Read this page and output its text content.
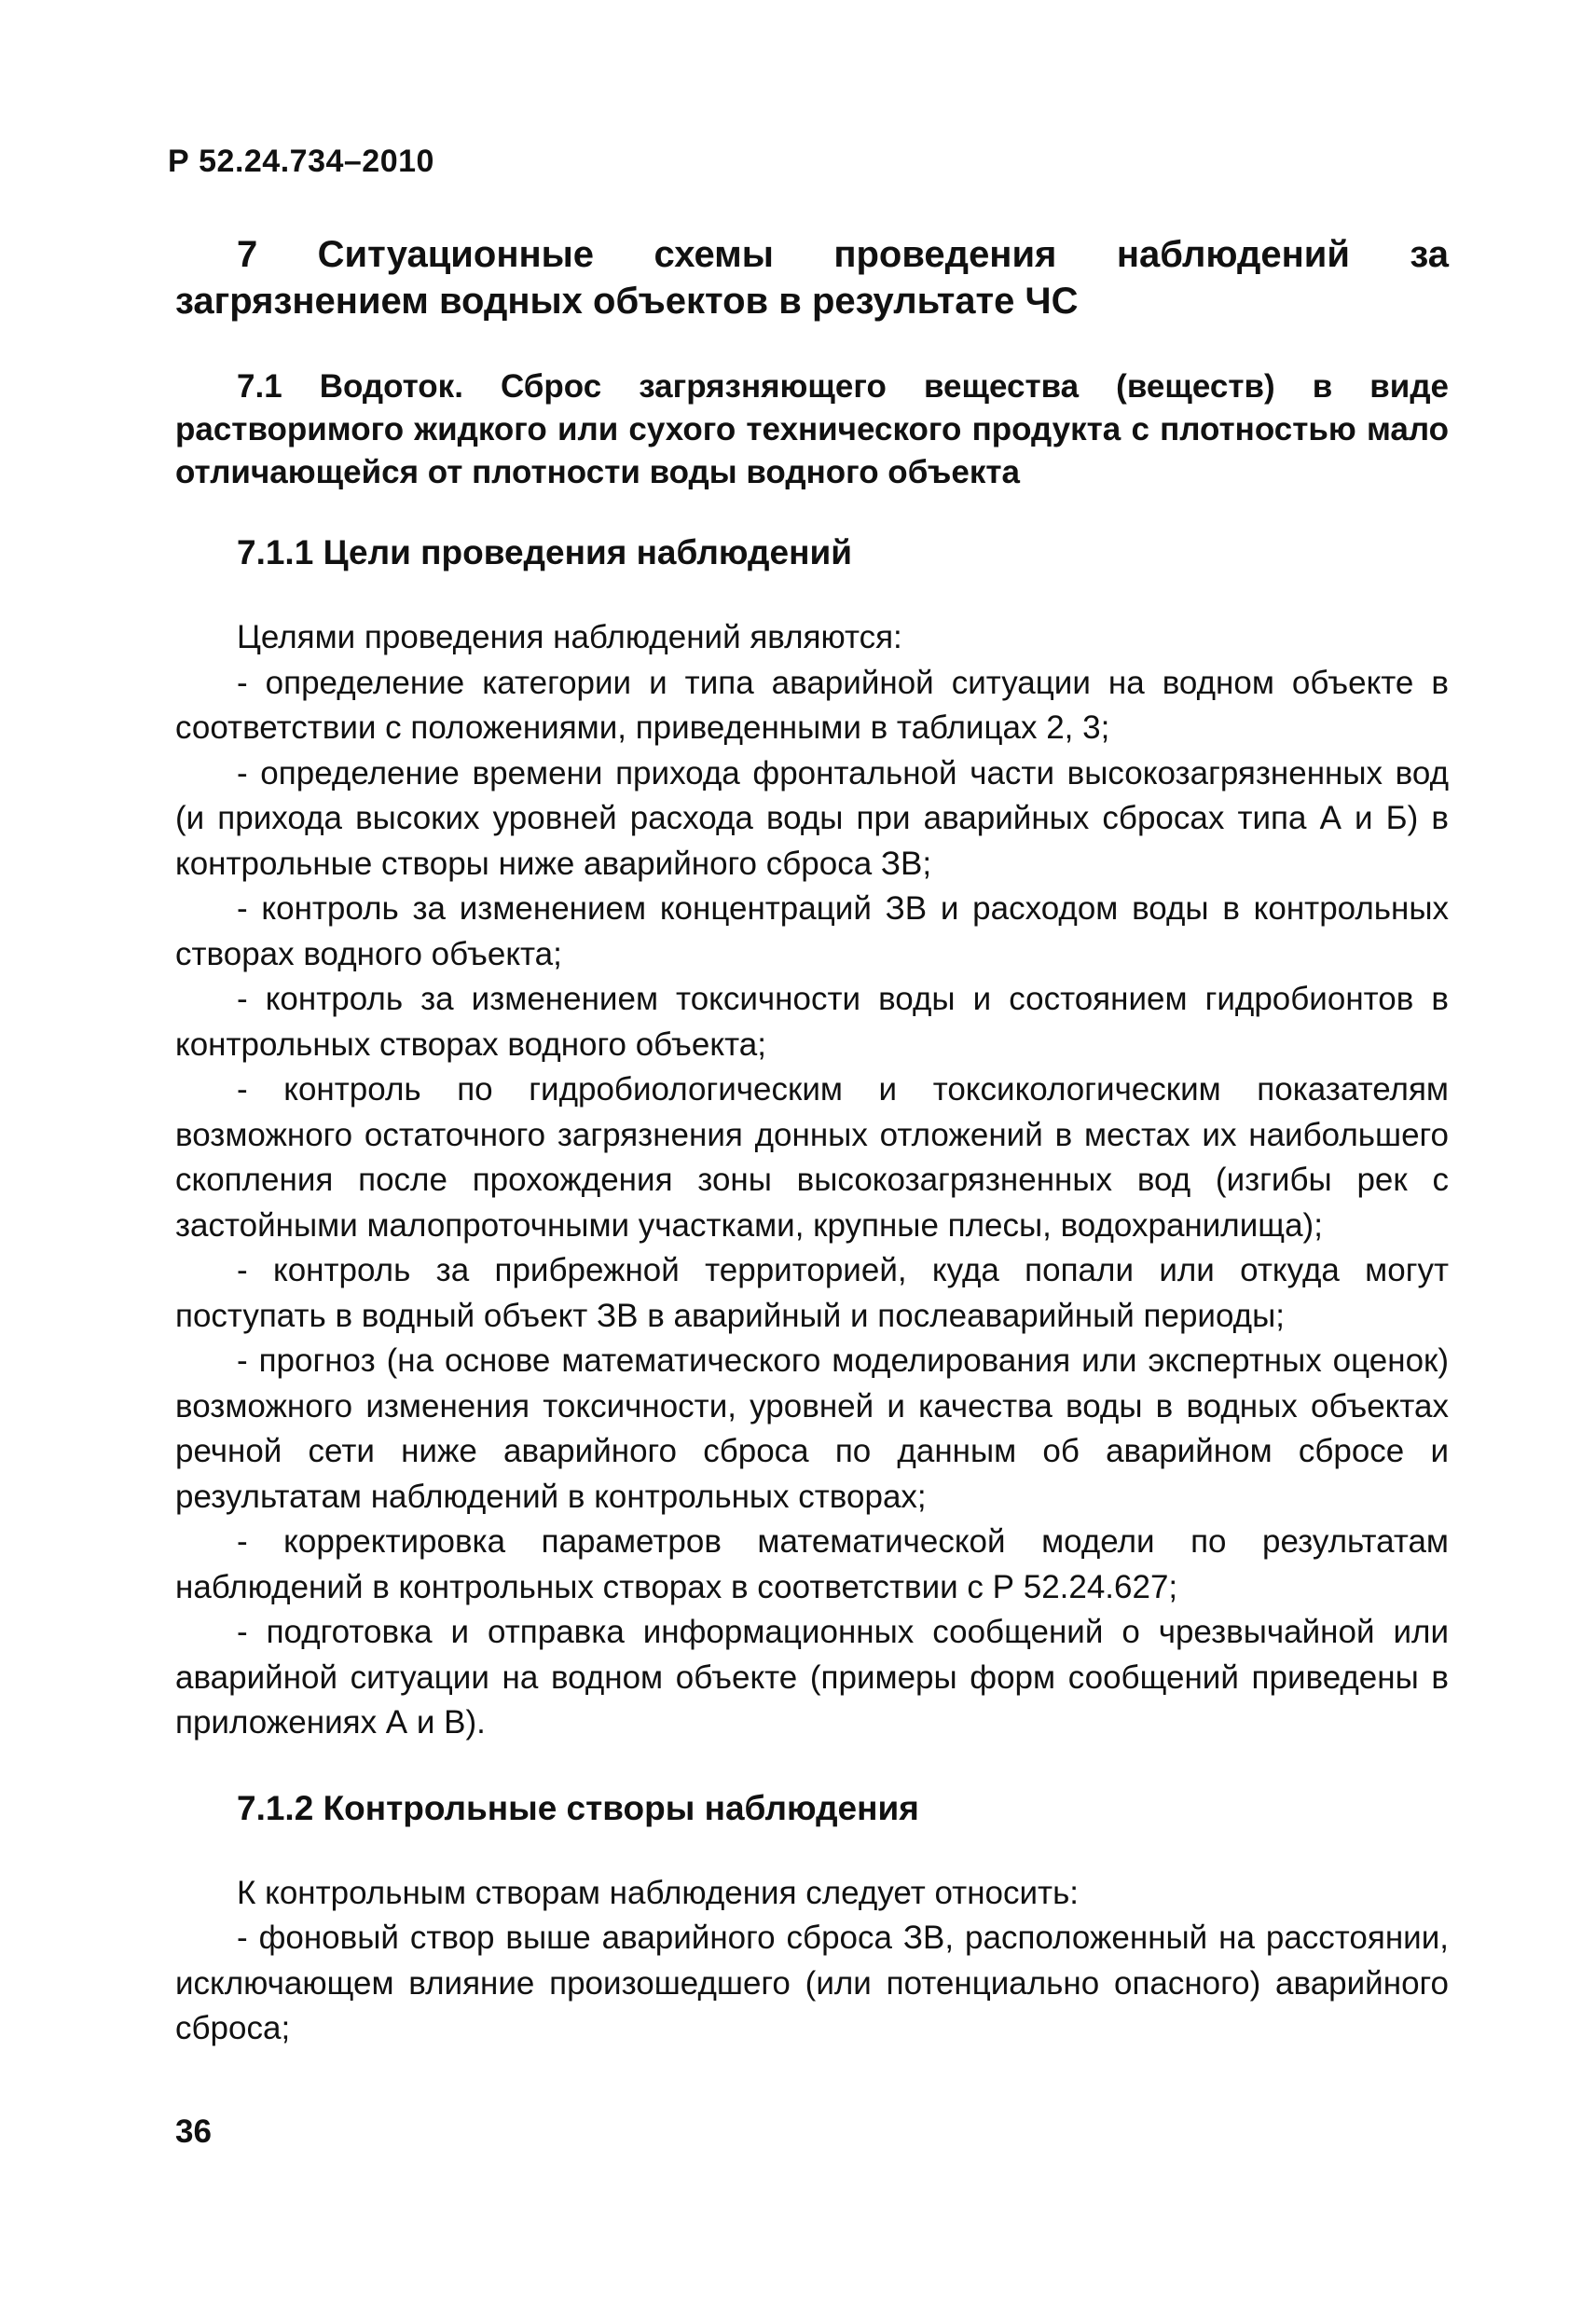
Р 52.24.734–2010
7 Ситуационные схемы проведения наблюдений за загрязнением водных объектов в результате ЧС
7.1 Водоток. Сброс загрязняющего вещества (веществ) в виде растворимого жидкого или сухого технического продукта с плотностью мало отличающейся от плотности воды водного объекта
7.1.1 Цели проведения наблюдений

Целями проведения наблюдений являются:

- определение категории и типа аварийной ситуации на водном объекте в соответствии с положениями, приведенными в таблицах 2, 3;

- определение времени прихода фронтальной части высокозагрязненных вод (и прихода высоких уровней расхода воды при аварийных сбросах типа А и Б) в контрольные створы ниже аварийного сброса ЗВ;

- контроль за изменением концентраций ЗВ и расходом воды в контрольных створах водного объекта;

- контроль за изменением токсичности воды и состоянием гидробионтов в контрольных створах водного объекта;

- контроль по гидробиологическим и токсикологическим показателям возможного остаточного загрязнения донных отложений в местах их наибольшего скопления после прохождения зоны высокозагрязненных вод (изгибы рек с застойными малопроточными участками, крупные плесы, водохранилища);

- контроль за прибрежной территорией, куда попали или откуда могут поступать в водный объект ЗВ в аварийный и послеаварийный периоды;

- прогноз (на основе математического моделирования или экспертных оценок) возможного изменения токсичности, уровней и качества воды в водных объектах речной сети ниже аварийного сброса по данным об аварийном сбросе и результатам наблюдений в контрольных створах;

- корректировка параметров математической модели по результатам наблюдений в контрольных створах в соответствии с Р 52.24.627;

- подготовка и отправка информационных сообщений о чрезвычайной или аварийной ситуации на водном объекте (примеры форм сообщений приведены в приложениях А и В).

7.1.2 Контрольные створы наблюдения

К контрольным створам наблюдения следует относить:

- фоновый створ выше аварийного сброса ЗВ, расположенный на расстоянии, исключающем влияние произошедшего (или потенциально опасного) аварийного сброса;

36
